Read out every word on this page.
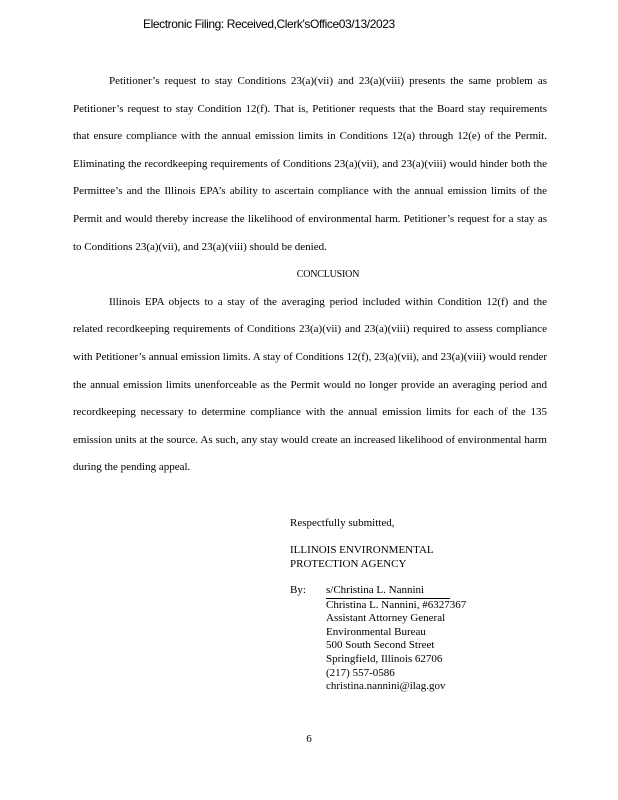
Electronic Filing: Received,Clerk'sOffice03/13/2023

Petitioner’s request to stay Conditions 23(a)(vii) and 23(a)(viii) presents the same problem as Petitioner’s request to stay Condition 12(f). That is, Petitioner requests that the Board stay requirements that ensure compliance with the annual emission limits in Conditions 12(a) through 12(e) of the Permit. Eliminating the recordkeeping requirements of Conditions 23(a)(vii), and 23(a)(viii) would hinder both the Permittee’s and the Illinois EPA’s ability to ascertain compliance with the annual emission limits of the Permit and would thereby increase the likelihood of environmental harm. Petitioner’s request for a stay as to Conditions 23(a)(vii), and 23(a)(viii) should be denied.

CONCLUSION

Illinois EPA objects to a stay of the averaging period included within Condition 12(f) and the related recordkeeping requirements of Conditions 23(a)(vii) and 23(a)(viii) required to assess compliance with Petitioner’s annual emission limits. A stay of Conditions 12(f), 23(a)(vii), and 23(a)(viii) would render the annual emission limits unenforceable as the Permit would no longer provide an averaging period and recordkeeping necessary to determine compliance with the annual emission limits for each of the 135 emission units at the source. As such, any stay would create an increased likelihood of environmental harm during the pending appeal.

Respectfully submitted,
ILLINOIS ENVIRONMENTAL
PROTECTION AGENCY
By: s/Christina L. Nannini
Christina L. Nannini, #6327367
Assistant Attorney General
Environmental Bureau
500 South Second Street
Springfield, Illinois 62706
(217) 557-0586
christina.nannini@ilag.gov
6
